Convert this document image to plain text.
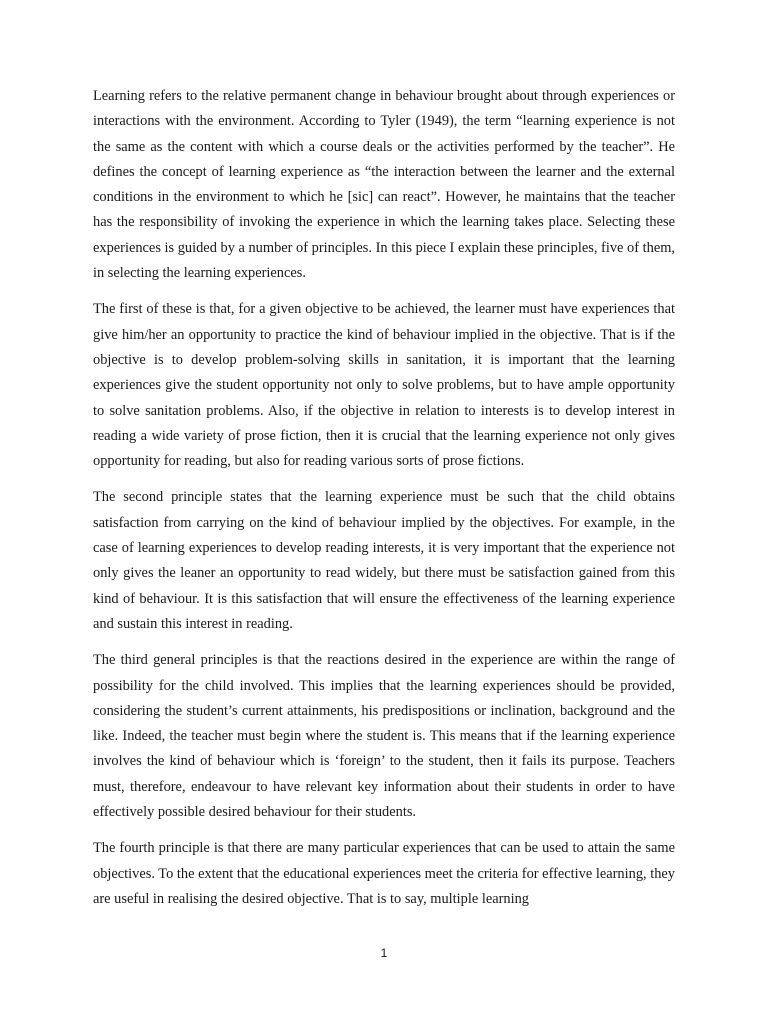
Learning refers to the relative permanent change in behaviour brought about through experiences or interactions with the environment. According to Tyler (1949), the term “learning experience is not the same as the content with which a course deals or the activities performed by the teacher”. He defines the concept of learning experience as “the interaction between the learner and the external conditions in the environment to which he [sic] can react”. However, he maintains that the teacher has the responsibility of invoking the experience in which the learning takes place. Selecting these experiences is guided by a number of principles. In this piece I explain these principles, five of them, in selecting the learning experiences.

The first of these is that, for a given objective to be achieved, the learner must have experiences that give him/her an opportunity to practice the kind of behaviour implied in the objective. That is if the objective is to develop problem-solving skills in sanitation, it is important that the learning experiences give the student opportunity not only to solve problems, but to have ample opportunity to solve sanitation problems. Also, if the objective in relation to interests is to develop interest in reading a wide variety of prose fiction, then it is crucial that the learning experience not only gives opportunity for reading, but also for reading various sorts of prose fictions.

The second principle states that the learning experience must be such that the child obtains satisfaction from carrying on the kind of behaviour implied by the objectives. For example, in the case of learning experiences to develop reading interests, it is very important that the experience not only gives the leaner an opportunity to read widely, but there must be satisfaction gained from this kind of behaviour. It is this satisfaction that will ensure the effectiveness of the learning experience and sustain this interest in reading.

The third general principles is that the reactions desired in the experience are within the range of possibility for the child involved. This implies that the learning experiences should be provided, considering the student’s current attainments, his predispositions or inclination, background and the like. Indeed, the teacher must begin where the student is. This means that if the learning experience involves the kind of behaviour which is ‘foreign’ to the student, then it fails its purpose. Teachers must, therefore, endeavour to have relevant key information about their students in order to have effectively possible desired behaviour for their students.

The fourth principle is that there are many particular experiences that can be used to attain the same objectives. To the extent that the educational experiences meet the criteria for effective learning, they are useful in realising the desired objective. That is to say, multiple learning

1
